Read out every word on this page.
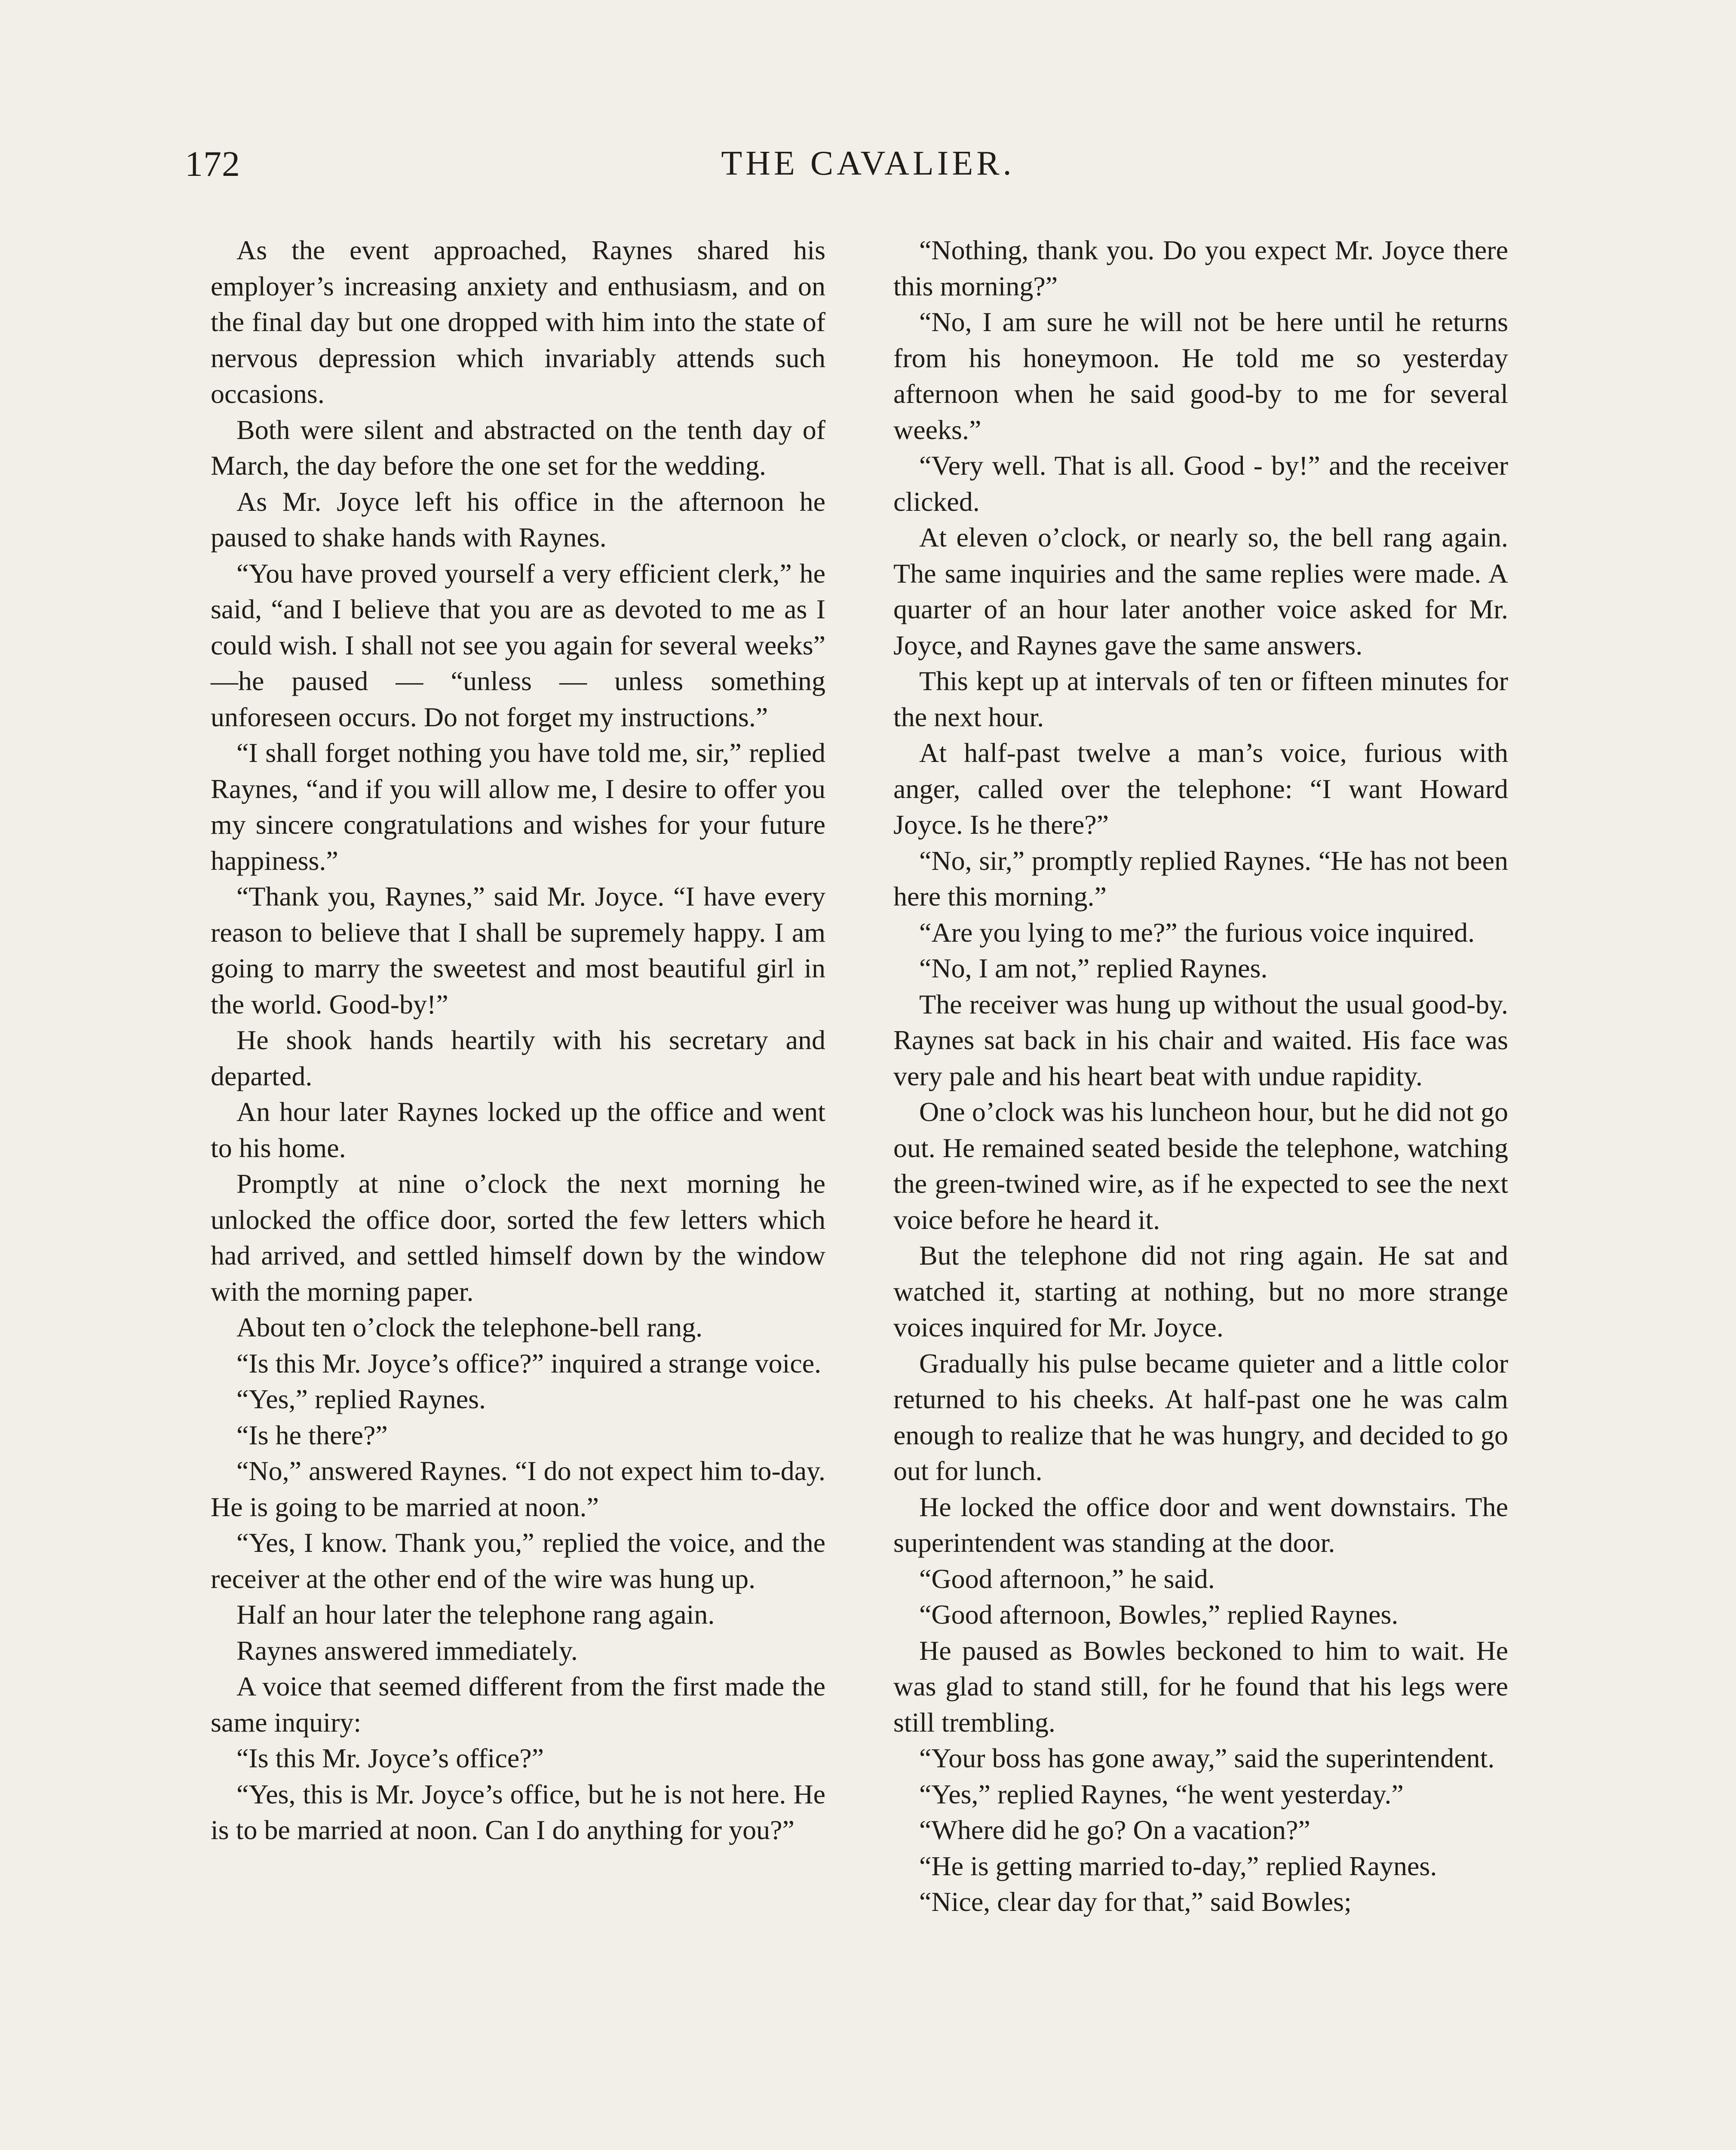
172	THE CAVALIER.

As the event approached, Raynes shared his employer’s increasing anxiety and enthusiasm, and on the final day but one dropped with him into the state of nervous depression which invariably attends such occasions.

Both were silent and abstracted on the tenth day of March, the day before the one set for the wedding.

As Mr. Joyce left his office in the afternoon he paused to shake hands with Raynes.

“You have proved yourself a very efficient clerk,” he said, “and I believe that you are as devoted to me as I could wish. I shall not see you again for several weeks” —he paused — “unless — unless something unforeseen occurs. Do not forget my instructions.”

“I shall forget nothing you have told me, sir,” replied Raynes, “and if you will allow me, I desire to offer you my sincere congratulations and wishes for your future happiness.”

“Thank you, Raynes,” said Mr. Joyce. “I have every reason to believe that I shall be supremely happy. I am going to marry the sweetest and most beautiful girl in the world. Good-by!”

He shook hands heartily with his secretary and departed.

An hour later Raynes locked up the office and went to his home.

Promptly at nine o’clock the next morning he unlocked the office door, sorted the few letters which had arrived, and settled himself down by the window with the morning paper.

About ten o’clock the telephone-bell rang.

“Is this Mr. Joyce’s office?” inquired a strange voice.

“Yes,” replied Raynes.

“Is he there?”

“No,” answered Raynes. “I do not expect him to-day. He is going to be married at noon.”

“Yes, I know. Thank you,” replied the voice, and the receiver at the other end of the wire was hung up.

Half an hour later the telephone rang again.

Raynes answered immediately.

A voice that seemed different from the first made the same inquiry:

“Is this Mr. Joyce’s office?”

“Yes, this is Mr. Joyce’s office, but he is not here. He is to be married at noon. Can I do anything for you?”

“Nothing, thank you. Do you expect Mr. Joyce there this morning?”

“No, I am sure he will not be here until he returns from his honeymoon. He told me so yesterday afternoon when he said good-by to me for several weeks.”

“Very well. That is all. Good - by!” and the receiver clicked.

At eleven o’clock, or nearly so, the bell rang again. The same inquiries and the same replies were made. A quarter of an hour later another voice asked for Mr. Joyce, and Raynes gave the same answers.

This kept up at intervals of ten or fifteen minutes for the next hour.

At half-past twelve a man’s voice, furious with anger, called over the telephone: “I want Howard Joyce. Is he there?”

“No, sir,” promptly replied Raynes. “He has not been here this morning.”

“Are you lying to me?” the furious voice inquired.

“No, I am not,” replied Raynes.

The receiver was hung up without the usual good-by. Raynes sat back in his chair and waited. His face was very pale and his heart beat with undue rapidity.

One o’clock was his luncheon hour, but he did not go out. He remained seated beside the telephone, watching the green-twined wire, as if he expected to see the next voice before he heard it.

But the telephone did not ring again. He sat and watched it, starting at nothing, but no more strange voices inquired for Mr. Joyce.

Gradually his pulse became quieter and a little color returned to his cheeks. At half-past one he was calm enough to realize that he was hungry, and decided to go out for lunch.

He locked the office door and went downstairs. The superintendent was standing at the door.

“Good afternoon,” he said.

“Good afternoon, Bowles,” replied Raynes.

He paused as Bowles beckoned to him to wait. He was glad to stand still, for he found that his legs were still trembling.

“Your boss has gone away,” said the superintendent.

“Yes,” replied Raynes, “he went yesterday.”

“Where did he go? On a vacation?”

“He is getting married to-day,” replied Raynes.

“Nice, clear day for that,” said Bowles;
